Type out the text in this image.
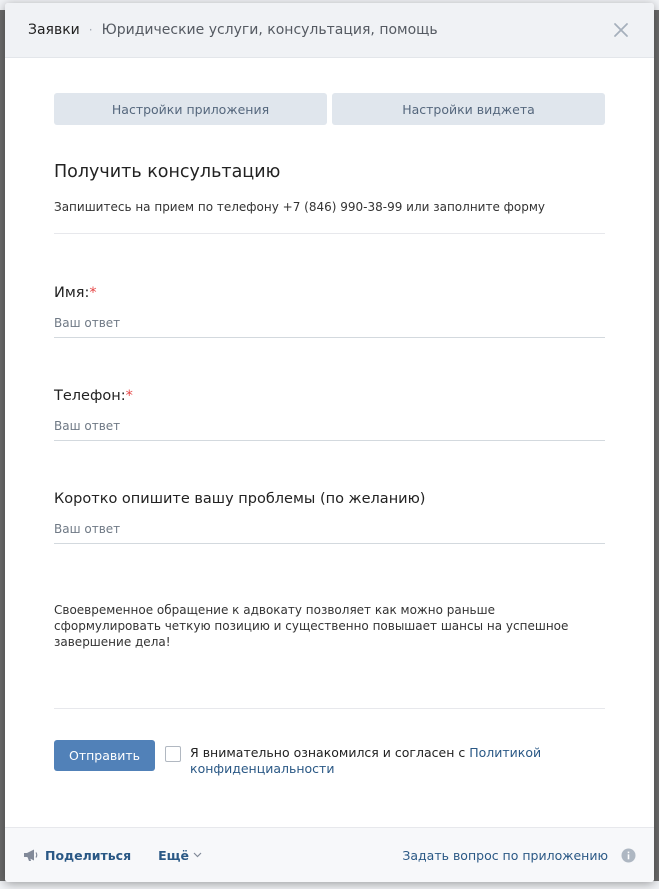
Заявки · Юридические услуги, консультация, помощь
Настройки приложения	Настройки виджета
Получить консультацию
Запишитесь на прием по телефону +7 (846) 990-38-99 или заполните форму
Имя:*
Ваш ответ
Телефон:*
Ваш ответ
Коротко опишите вашу проблемы (по желанию)
Ваш ответ
Своевременное обращение к адвокату позволяет как можно раньше сформулировать четкую позицию и существенно повышает шансы на успешное завершение дела!
Отправить	Я внимательно ознакомился и согласен с Политикой конфиденциальности
Поделиться Ещё	Задать вопрос по приложению
